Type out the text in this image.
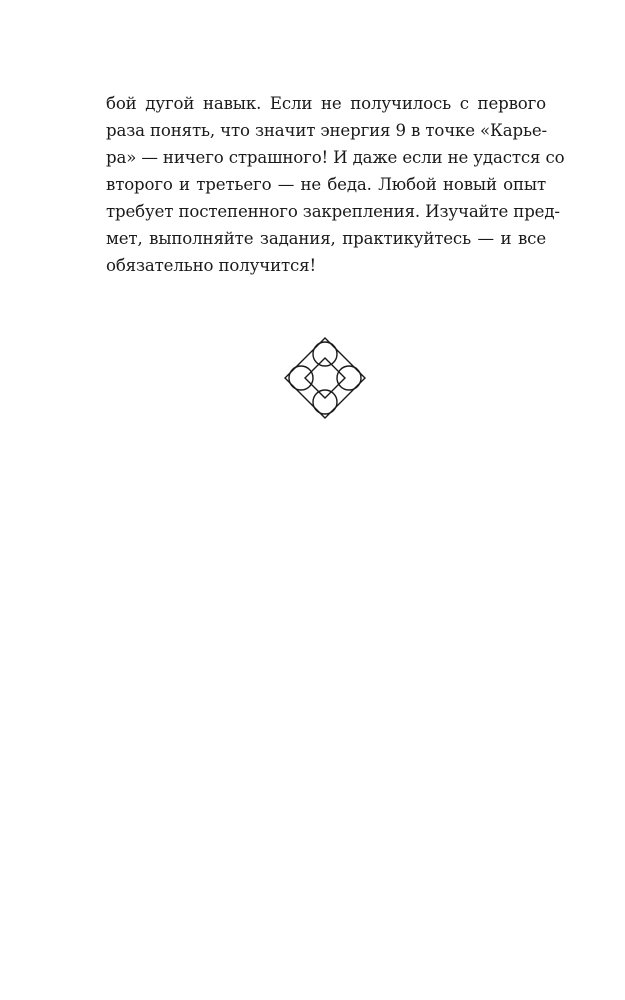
бой дугой навык. Если не получилось с первого
раза понять, что значит энергия 9 в точке «Карье-
ра» — ничего страшного! И даже если не удастся со
второго и третьего — не беда. Любой новый опыт
требует постепенного закрепления. Изучайте пред-
мет, выполняйте задания, практикуйтесь — и все
обязательно получится!
